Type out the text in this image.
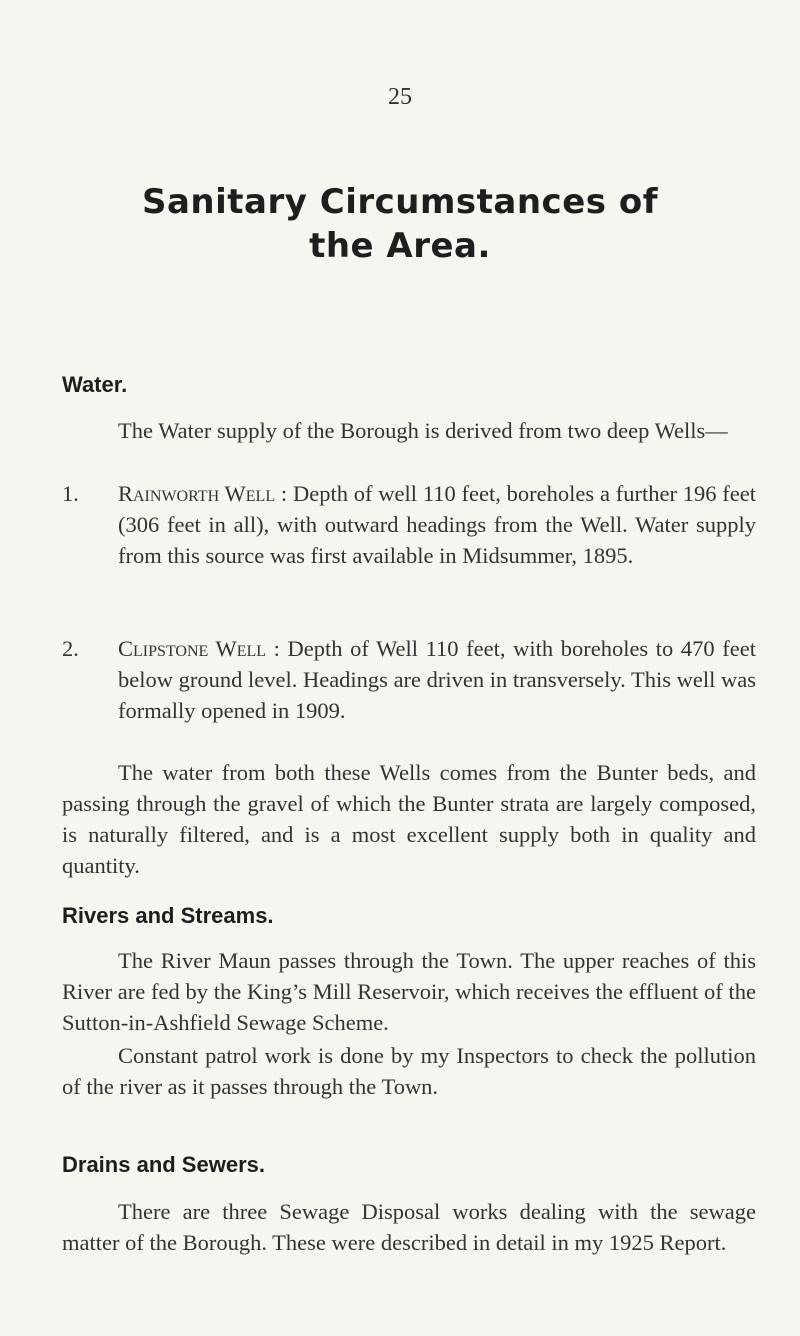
25
Sanitary Circumstances of
the Area.
Water.
The Water supply of the Borough is derived from two deep Wells—
1. Rainworth Well : Depth of well 110 feet, boreholes a further 196 feet (306 feet in all), with outward headings from the Well. Water supply from this source was first available in Midsummer, 1895.
2. Clipstone Well : Depth of Well 110 feet, with boreholes to 470 feet below ground level. Headings are driven in transversely. This well was formally opened in 1909.
The water from both these Wells comes from the Bunter beds, and passing through the gravel of which the Bunter strata are largely composed, is naturally filtered, and is a most excellent supply both in quality and quantity.
Rivers and Streams.
The River Maun passes through the Town. The upper reaches of this River are fed by the King’s Mill Reservoir, which receives the effluent of the Sutton-in-Ashfield Sewage Scheme.
Constant patrol work is done by my Inspectors to check the pollution of the river as it passes through the Town.
Drains and Sewers.
There are three Sewage Disposal works dealing with the sewage matter of the Borough. These were described in detail in my 1925 Report.
